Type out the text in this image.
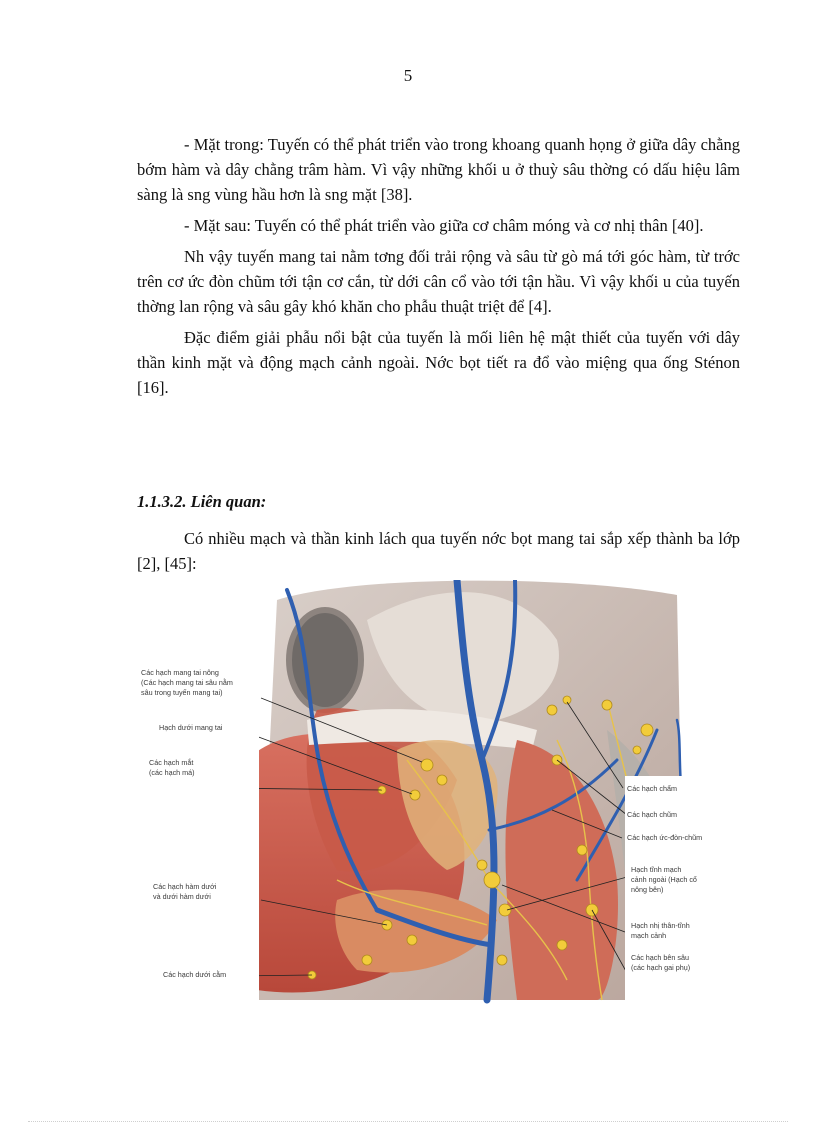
5

- Mặt trong: Tuyến có thể phát triển vào trong khoang quanh họng ở giữa dây chằng bớm hàm và dây chằng trâm hàm. Vì vậy những khối u ở thuỳ sâu thờng có dấu hiệu lâm sàng là sng vùng hầu hơn là sng mặt [38].

- Mặt sau: Tuyến có thể phát triển vào giữa cơ châm móng và cơ nhị thân [40].

Nh vậy tuyến mang tai nằm tơng đối trải rộng và sâu từ gò má tới góc hàm, từ trớc trên cơ ức đòn chũm tới tận cơ cắn, từ dới cân cổ vào tới tận hầu. Vì vậy khối u của tuyến thờng lan rộng và sâu gây khó khăn cho phẫu thuật triệt để [4].

Đặc điểm giải phẫu nổi bật của tuyến là mối liên hệ mật thiết của tuyến với dây thần kinh mặt và động mạch cảnh ngoài. Nớc bọt tiết ra đổ vào miệng qua ống Sténon [16].

1.1.3.2. Liên quan:

Có nhiều mạch và thần kinh lách qua tuyến nớc bọt mang tai sắp xếp thành ba lớp [2], [45]:

Các hạch mang tai nông (Các hạch mang tai sâu nằm sâu trong tuyến mang tai)
Hạch dưới mang tai
Các hạch mắt (các hạch má)
Các hạch hàm dưới và dưới hàm dưới
Các hạch dưới cằm
Các hạch chẩm
Các hạch chũm
Các hạch ức-đòn-chũm
Hạch tĩnh mạch cảnh ngoài (Hạch cổ nông bên)
Hạch nhị thân-tĩnh mạch cảnh
Các hạch bên sâu (các hạch gai phụ)
